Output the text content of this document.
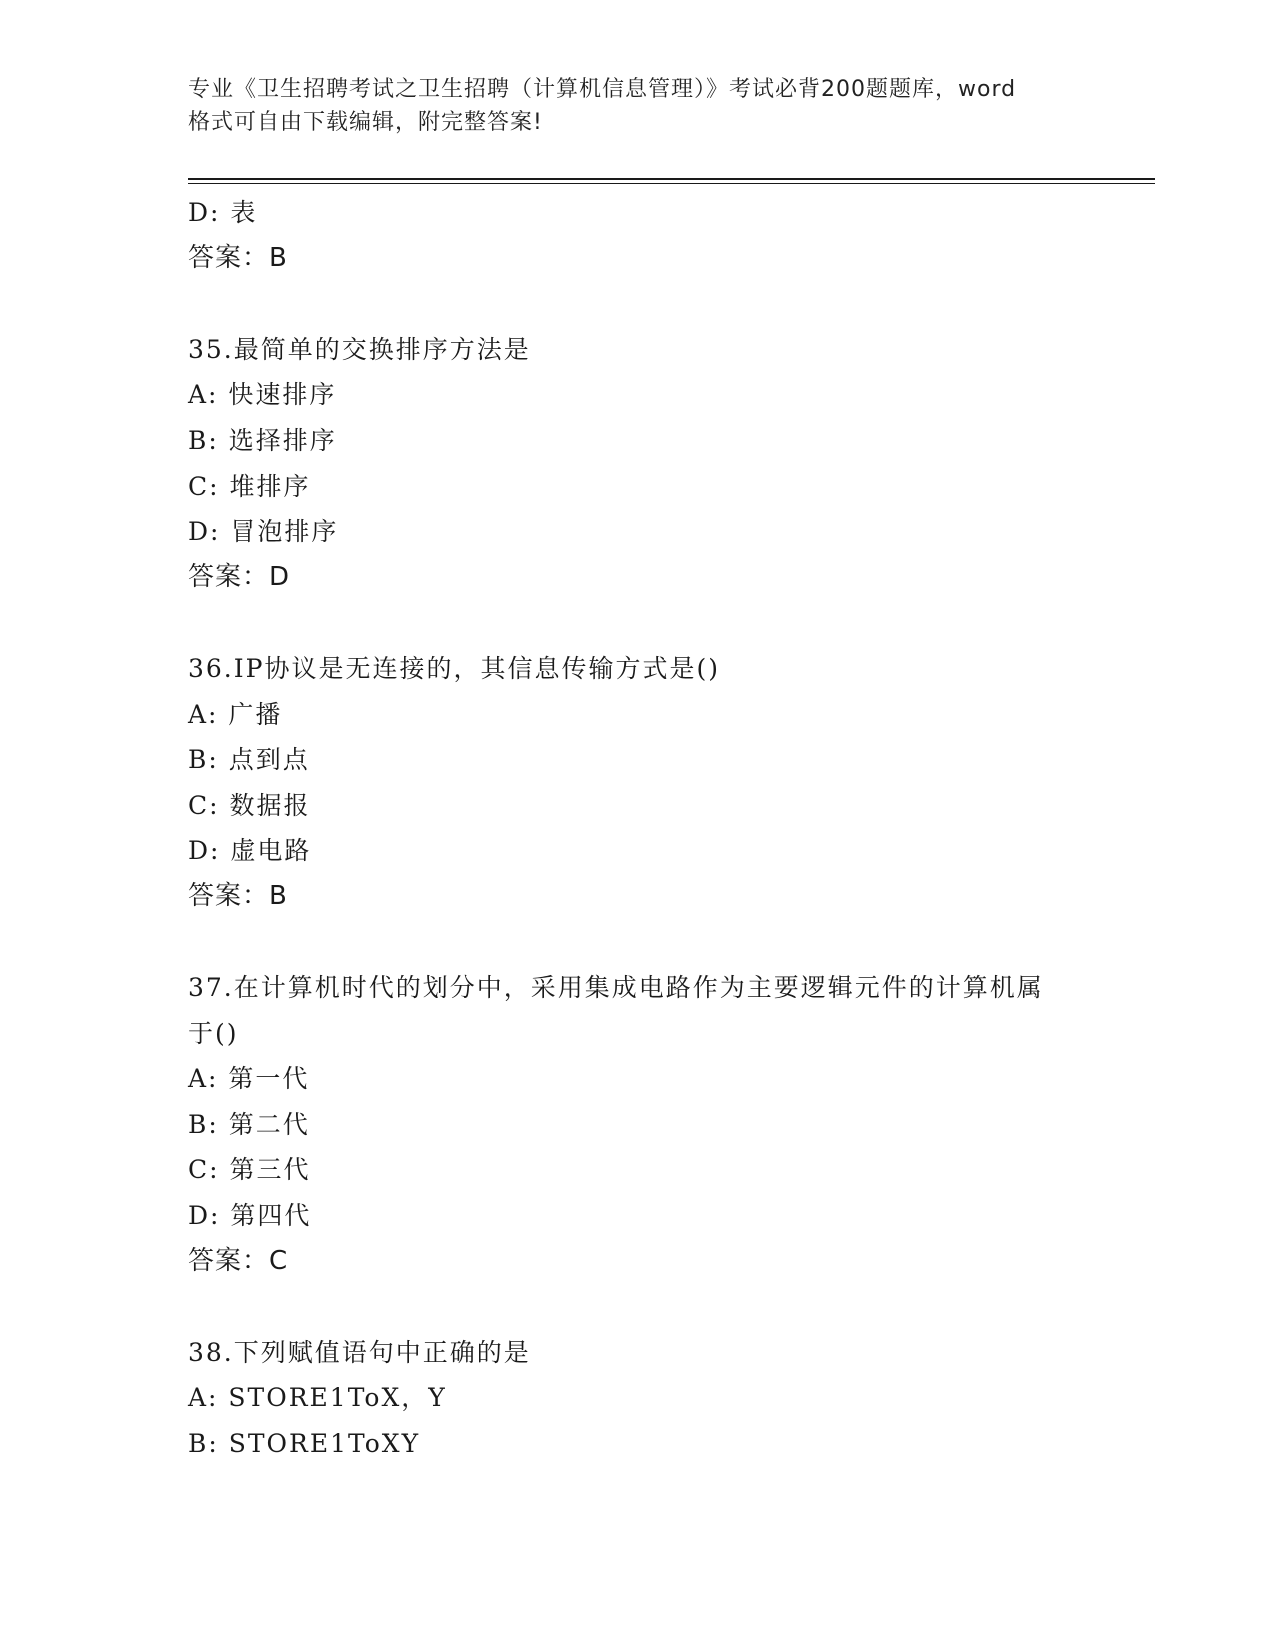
专业《卫生招聘考试之卫生招聘（计算机信息管理）》考试必背200题题库，word
格式可自由下载编辑，附完整答案!
D: 表
答案：B
35.最简单的交换排序方法是
A: 快速排序
B: 选择排序
C: 堆排序
D: 冒泡排序
答案：D
36.IP协议是无连接的，其信息传输方式是()
A: 广播
B: 点到点
C: 数据报
D: 虚电路
答案：B
37.在计算机时代的划分中，采用集成电路作为主要逻辑元件的计算机属于()
A: 第一代
B: 第二代
C: 第三代
D: 第四代
答案：C
38.下列赋值语句中正确的是
A: STORE1ToX，Y
B: STORE1ToXY
